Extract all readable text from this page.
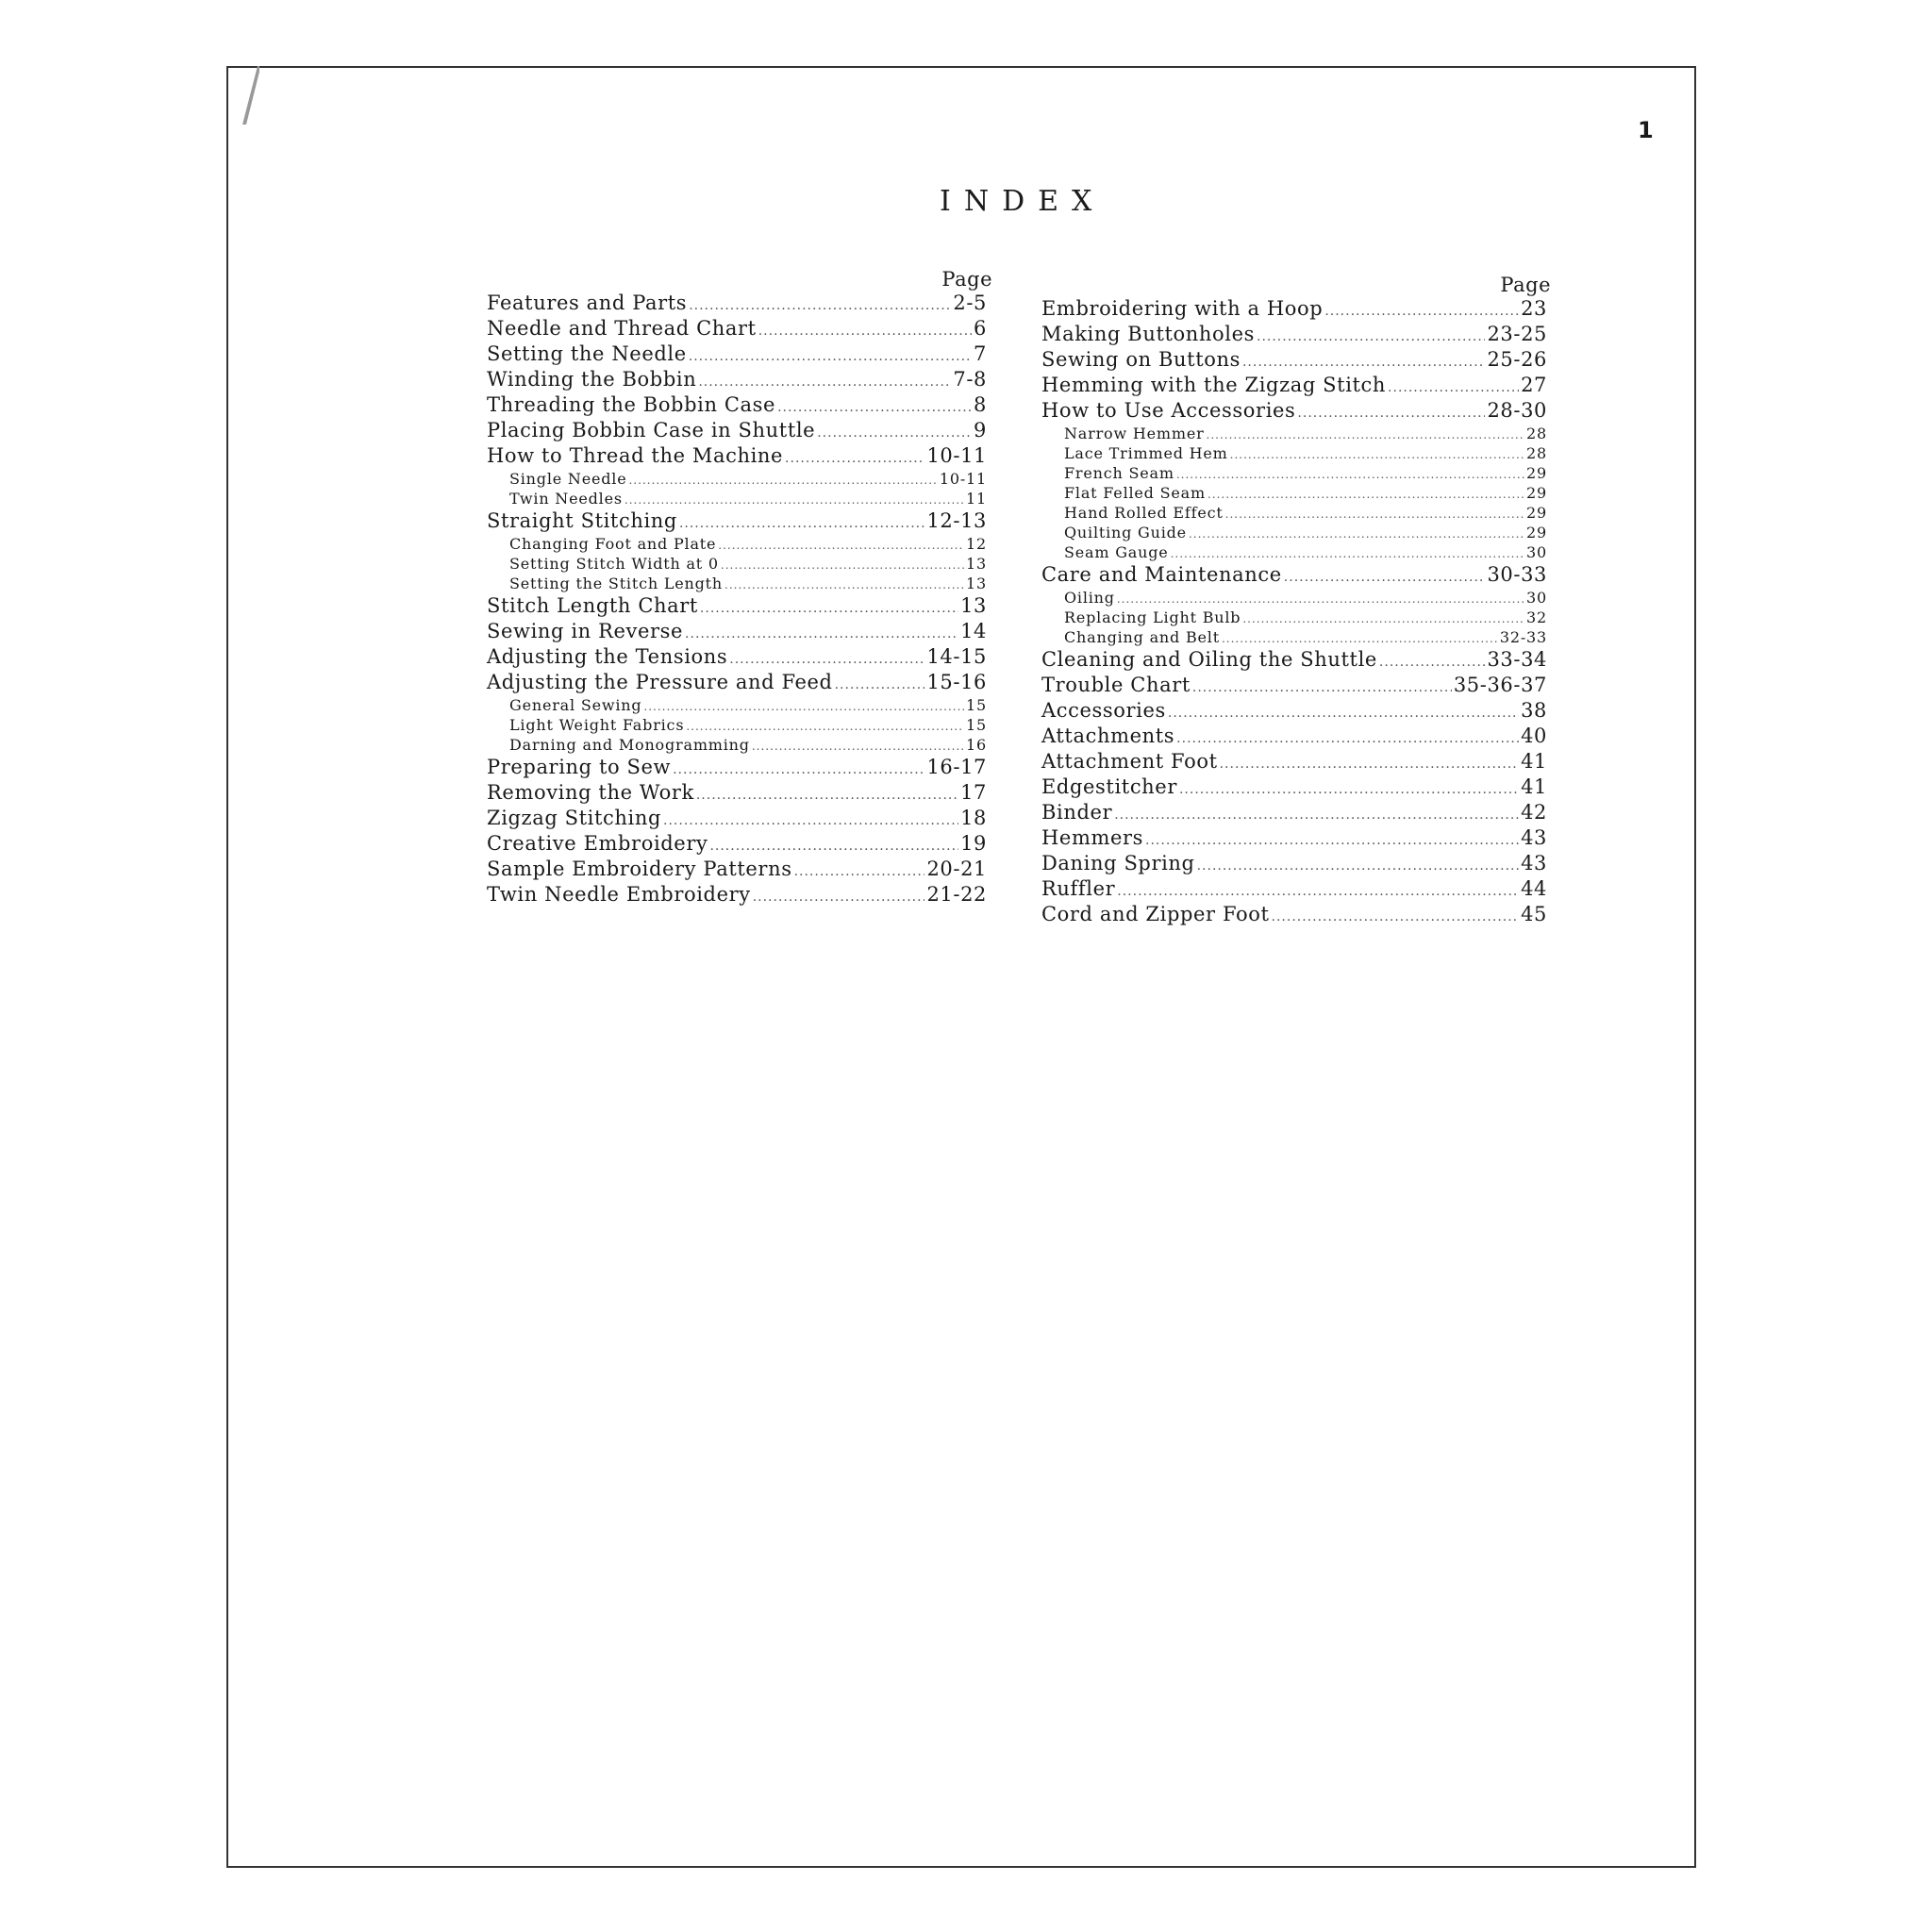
1
INDEX
Page
Features and Parts .....	2-5
Needle and Thread Chart .....	6
Setting the Needle .....	7
Winding the Bobbin .....	7-8
Threading the Bobbin Case .....	8
Placing Bobbin Case in Shuttle .....	9
How to Thread the Machine .....	10-11
Single Needle .....	10-11
Twin Needles .....	11
Straight Stitching .....	12-13
Changing Foot and Plate .....	12
Setting Stitch Width at 0 .....	13
Setting the Stitch Length .....	13
Stitch Length Chart .....	13
Sewing in Reverse .....	14
Adjusting the Tensions .....	14-15
Adjusting the Pressure and Feed .....	15-16
General Sewing .....	15
Light Weight Fabrics .....	15
Darning and Monogramming .....	16
Preparing to Sew .....	16-17
Removing the Work .....	17
Zigzag Stitching .....	18
Creative Embroidery .....	19
Sample Embroidery Patterns .....	20-21
Twin Needle Embroidery .....	21-22
Page
Embroidering with a Hoop .....	23
Making Buttonholes .....	23-25
Sewing on Buttons .....	25-26
Hemming with the Zigzag Stitch .....	27
How to Use Accessories .....	28-30
Narrow Hemmer .....	28
Lace Trimmed Hem .....	28
French Seam .....	29
Flat Felled Seam .....	29
Hand Rolled Effect .....	29
Quilting Guide .....	29
Seam Gauge .....	30
Care and Maintenance .....	30-33
Oiling .....	30
Replacing Light Bulb .....	32
Changing and Belt .....	32-33
Cleaning and Oiling the Shuttle .....	33-34
Trouble Chart .....	35-36-37
Accessories .....	38
Attachments .....	40
Attachment Foot .....	41
Edgestitcher .....	41
Binder .....	42
Hemmers .....	43
Daning Spring .....	43
Ruffler .....	44
Cord and Zipper Foot .....	45
